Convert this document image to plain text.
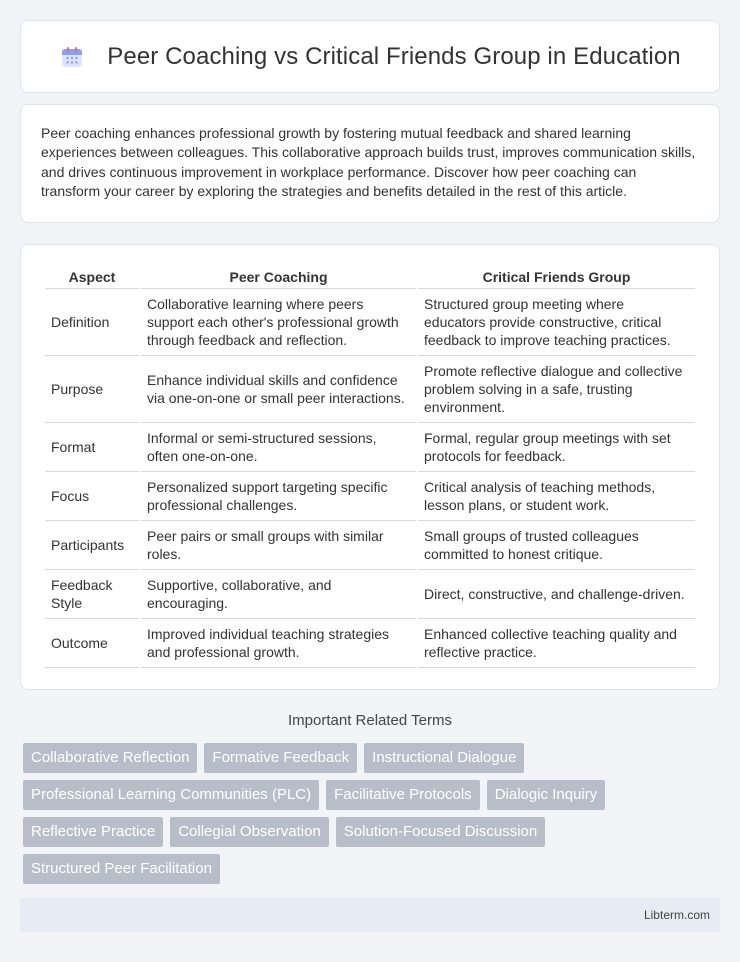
Peer Coaching vs Critical Friends Group in Education

Peer coaching enhances professional growth by fostering mutual feedback and shared learning experiences between colleagues. This collaborative approach builds trust, improves communication skills, and drives continuous improvement in workplace performance. Discover how peer coaching can transform your career by exploring the strategies and benefits detailed in the rest of this article.

Aspect	Peer Coaching	Critical Friends Group
Definition	Collaborative learning where peers support each other's professional growth through feedback and reflection.	Structured group meeting where educators provide constructive, critical feedback to improve teaching practices.
Purpose	Enhance individual skills and confidence via one-on-one or small peer interactions.	Promote reflective dialogue and collective problem solving in a safe, trusting environment.
Format	Informal or semi-structured sessions, often one-on-one.	Formal, regular group meetings with set protocols for feedback.
Focus	Personalized support targeting specific professional challenges.	Critical analysis of teaching methods, lesson plans, or student work.
Participants	Peer pairs or small groups with similar roles.	Small groups of trusted colleagues committed to honest critique.
Feedback Style	Supportive, collaborative, and encouraging.	Direct, constructive, and challenge-driven.
Outcome	Improved individual teaching strategies and professional growth.	Enhanced collective teaching quality and reflective practice.
Important Related Terms
Collaborative Reflection	Formative Feedback	Instructional Dialogue
Professional Learning Communities (PLC)	Facilitative Protocols	Dialogic Inquiry
Reflective Practice	Collegial Observation	Solution-Focused Discussion
Structured Peer Facilitation
Libterm.com
